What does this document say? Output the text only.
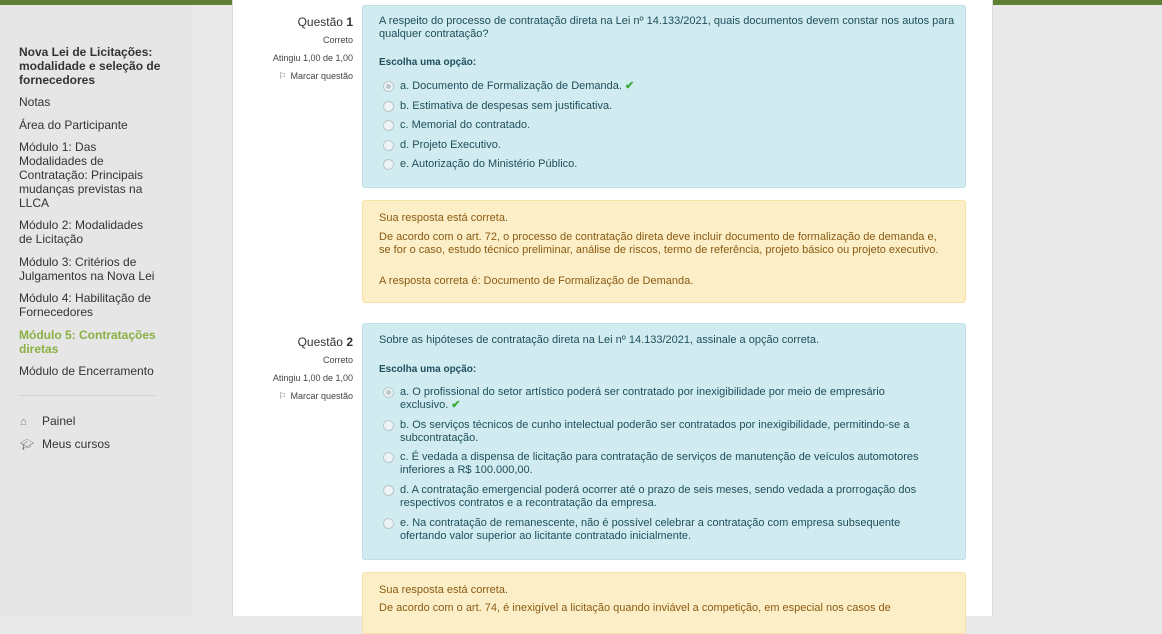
Nova Lei de Licitações: modalidade e seleção de fornecedores
Notas
Área do Participante
Módulo 1: Das Modalidades de Contratação: Principais mudanças previstas na LLCA
Módulo 2: Modalidades de Licitação
Módulo 3: Critérios de Julgamentos na Nova Lei
Módulo 4: Habilitação de Fornecedores
Módulo 5: Contratações diretas
Módulo de Encerramento
⌂ Painel
🎓︎ Meus cursos
Questão 1
Correto
Atingiu 1,00 de 1,00
⚐ Marcar questão
A respeito do processo de contratação direta na Lei nº 14.133/2021, quais documentos devem constar nos autos para qualquer contratação?
Escolha uma opção:
a. Documento de Formalização de Demanda. ✔
b. Estimativa de despesas sem justificativa.
c. Memorial do contratado.
d. Projeto Executivo.
e. Autorização do Ministério Público.
Sua resposta está correta.
De acordo com o art. 72, o processo de contratação direta deve incluir documento de formalização de demanda e, se for o caso, estudo técnico preliminar, análise de riscos, termo de referência, projeto básico ou projeto executivo.
A resposta correta é: Documento de Formalização de Demanda.
Questão 2
Correto
Atingiu 1,00 de 1,00
⚐ Marcar questão
Sobre as hipóteses de contratação direta na Lei nº 14.133/2021, assinale a opção correta.
Escolha uma opção:
a. O profissional do setor artístico poderá ser contratado por inexigibilidade por meio de empresário exclusivo. ✔
b. Os serviços técnicos de cunho intelectual poderão ser contratados por inexigibilidade, permitindo-se a subcontratação.
c. É vedada a dispensa de licitação para contratação de serviços de manutenção de veículos automotores inferiores a R$ 100.000,00.
d. A contratação emergencial poderá ocorrer até o prazo de seis meses, sendo vedada a prorrogação dos respectivos contratos e a recontratação da empresa.
e. Na contratação de remanescente, não é possível celebrar a contratação com empresa subsequente ofertando valor superior ao licitante contratado inicialmente.
Sua resposta está correta.
De acordo com o art. 74, é inexigível a licitação quando inviável a competição, em especial nos casos de
